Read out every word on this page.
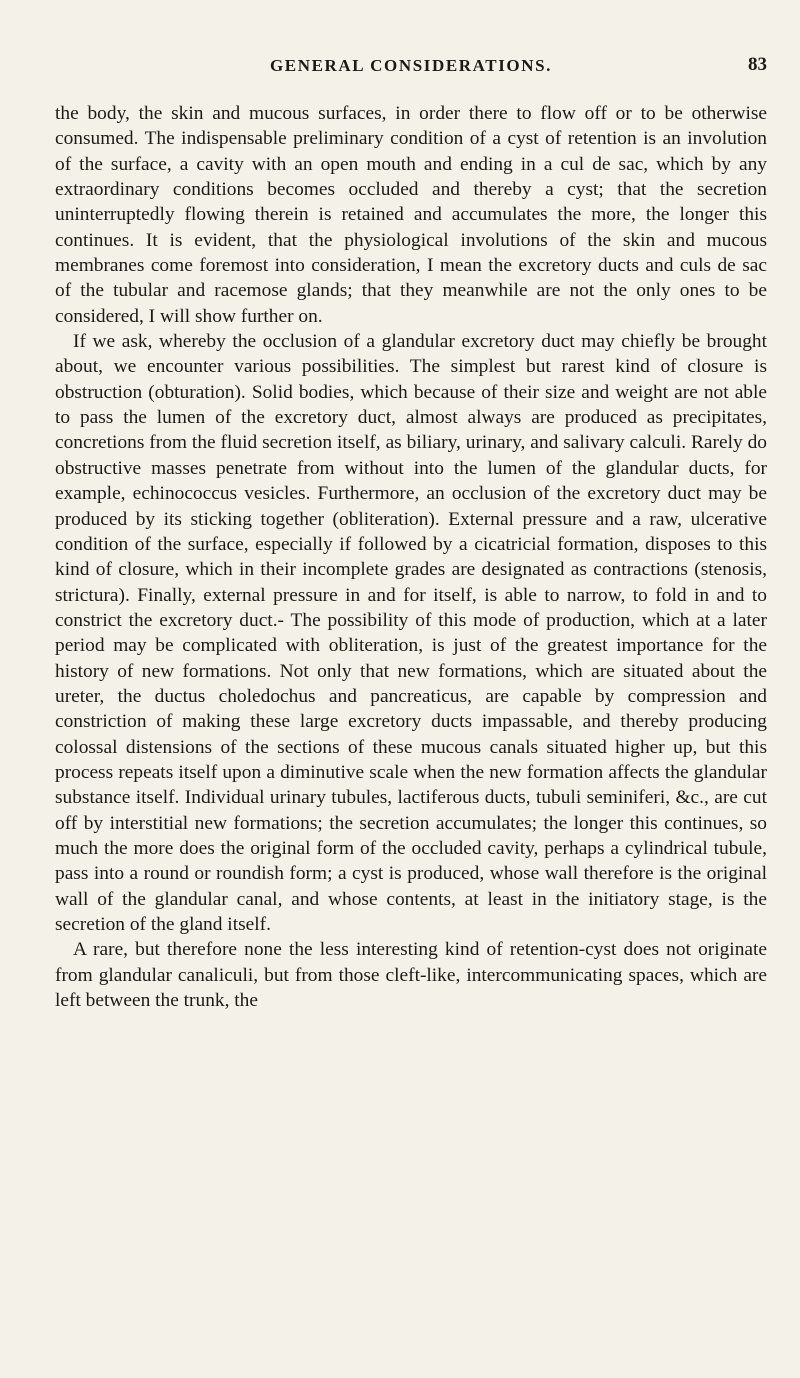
GENERAL CONSIDERATIONS.	83

the body, the skin and mucous surfaces, in order there to flow off or to be otherwise consumed. The indispensable preliminary condition of a cyst of retention is an involution of the surface, a cavity with an open mouth and ending in a cul de sac, which by any extraordinary conditions becomes occluded and thereby a cyst; that the secretion uninterruptedly flowing therein is retained and accumulates the more, the longer this continues. It is evident, that the physiological involutions of the skin and mucous membranes come foremost into consideration, I mean the excretory ducts and culs de sac of the tubular and racemose glands; that they meanwhile are not the only ones to be considered, I will show further on.

If we ask, whereby the occlusion of a glandular excretory duct may chiefly be brought about, we encounter various possibilities. The simplest but rarest kind of closure is obstruction (obturation). Solid bodies, which because of their size and weight are not able to pass the lumen of the excretory duct, almost always are produced as precipitates, concretions from the fluid secretion itself, as biliary, urinary, and salivary calculi. Rarely do obstructive masses penetrate from without into the lumen of the glandular ducts, for example, echinococcus vesicles. Furthermore, an occlusion of the excretory duct may be produced by its sticking together (obliteration). External pressure and a raw, ulcerative condition of the surface, especially if followed by a cicatricial formation, disposes to this kind of closure, which in their incomplete grades are designated as contractions (stenosis, strictura). Finally, external pressure in and for itself, is able to narrow, to fold in and to constrict the excretory duct.- The possibility of this mode of production, which at a later period may be complicated with obliteration, is just of the greatest importance for the history of new formations. Not only that new formations, which are situated about the ureter, the ductus choledochus and pancreaticus, are capable by compression and constriction of making these large excretory ducts impassable, and thereby producing colossal distensions of the sections of these mucous canals situated higher up, but this process repeats itself upon a diminutive scale when the new formation affects the glandular substance itself. Individual urinary tubules, lactiferous ducts, tubuli seminiferi, &c., are cut off by interstitial new formations; the secretion accumulates; the longer this continues, so much the more does the original form of the occluded cavity, perhaps a cylindrical tubule, pass into a round or roundish form; a cyst is produced, whose wall therefore is the original wall of the glandular canal, and whose contents, at least in the initiatory stage, is the secretion of the gland itself.

A rare, but therefore none the less interesting kind of retention-cyst does not originate from glandular canaliculi, but from those cleft-like, intercommunicating spaces, which are left between the trunk, the
